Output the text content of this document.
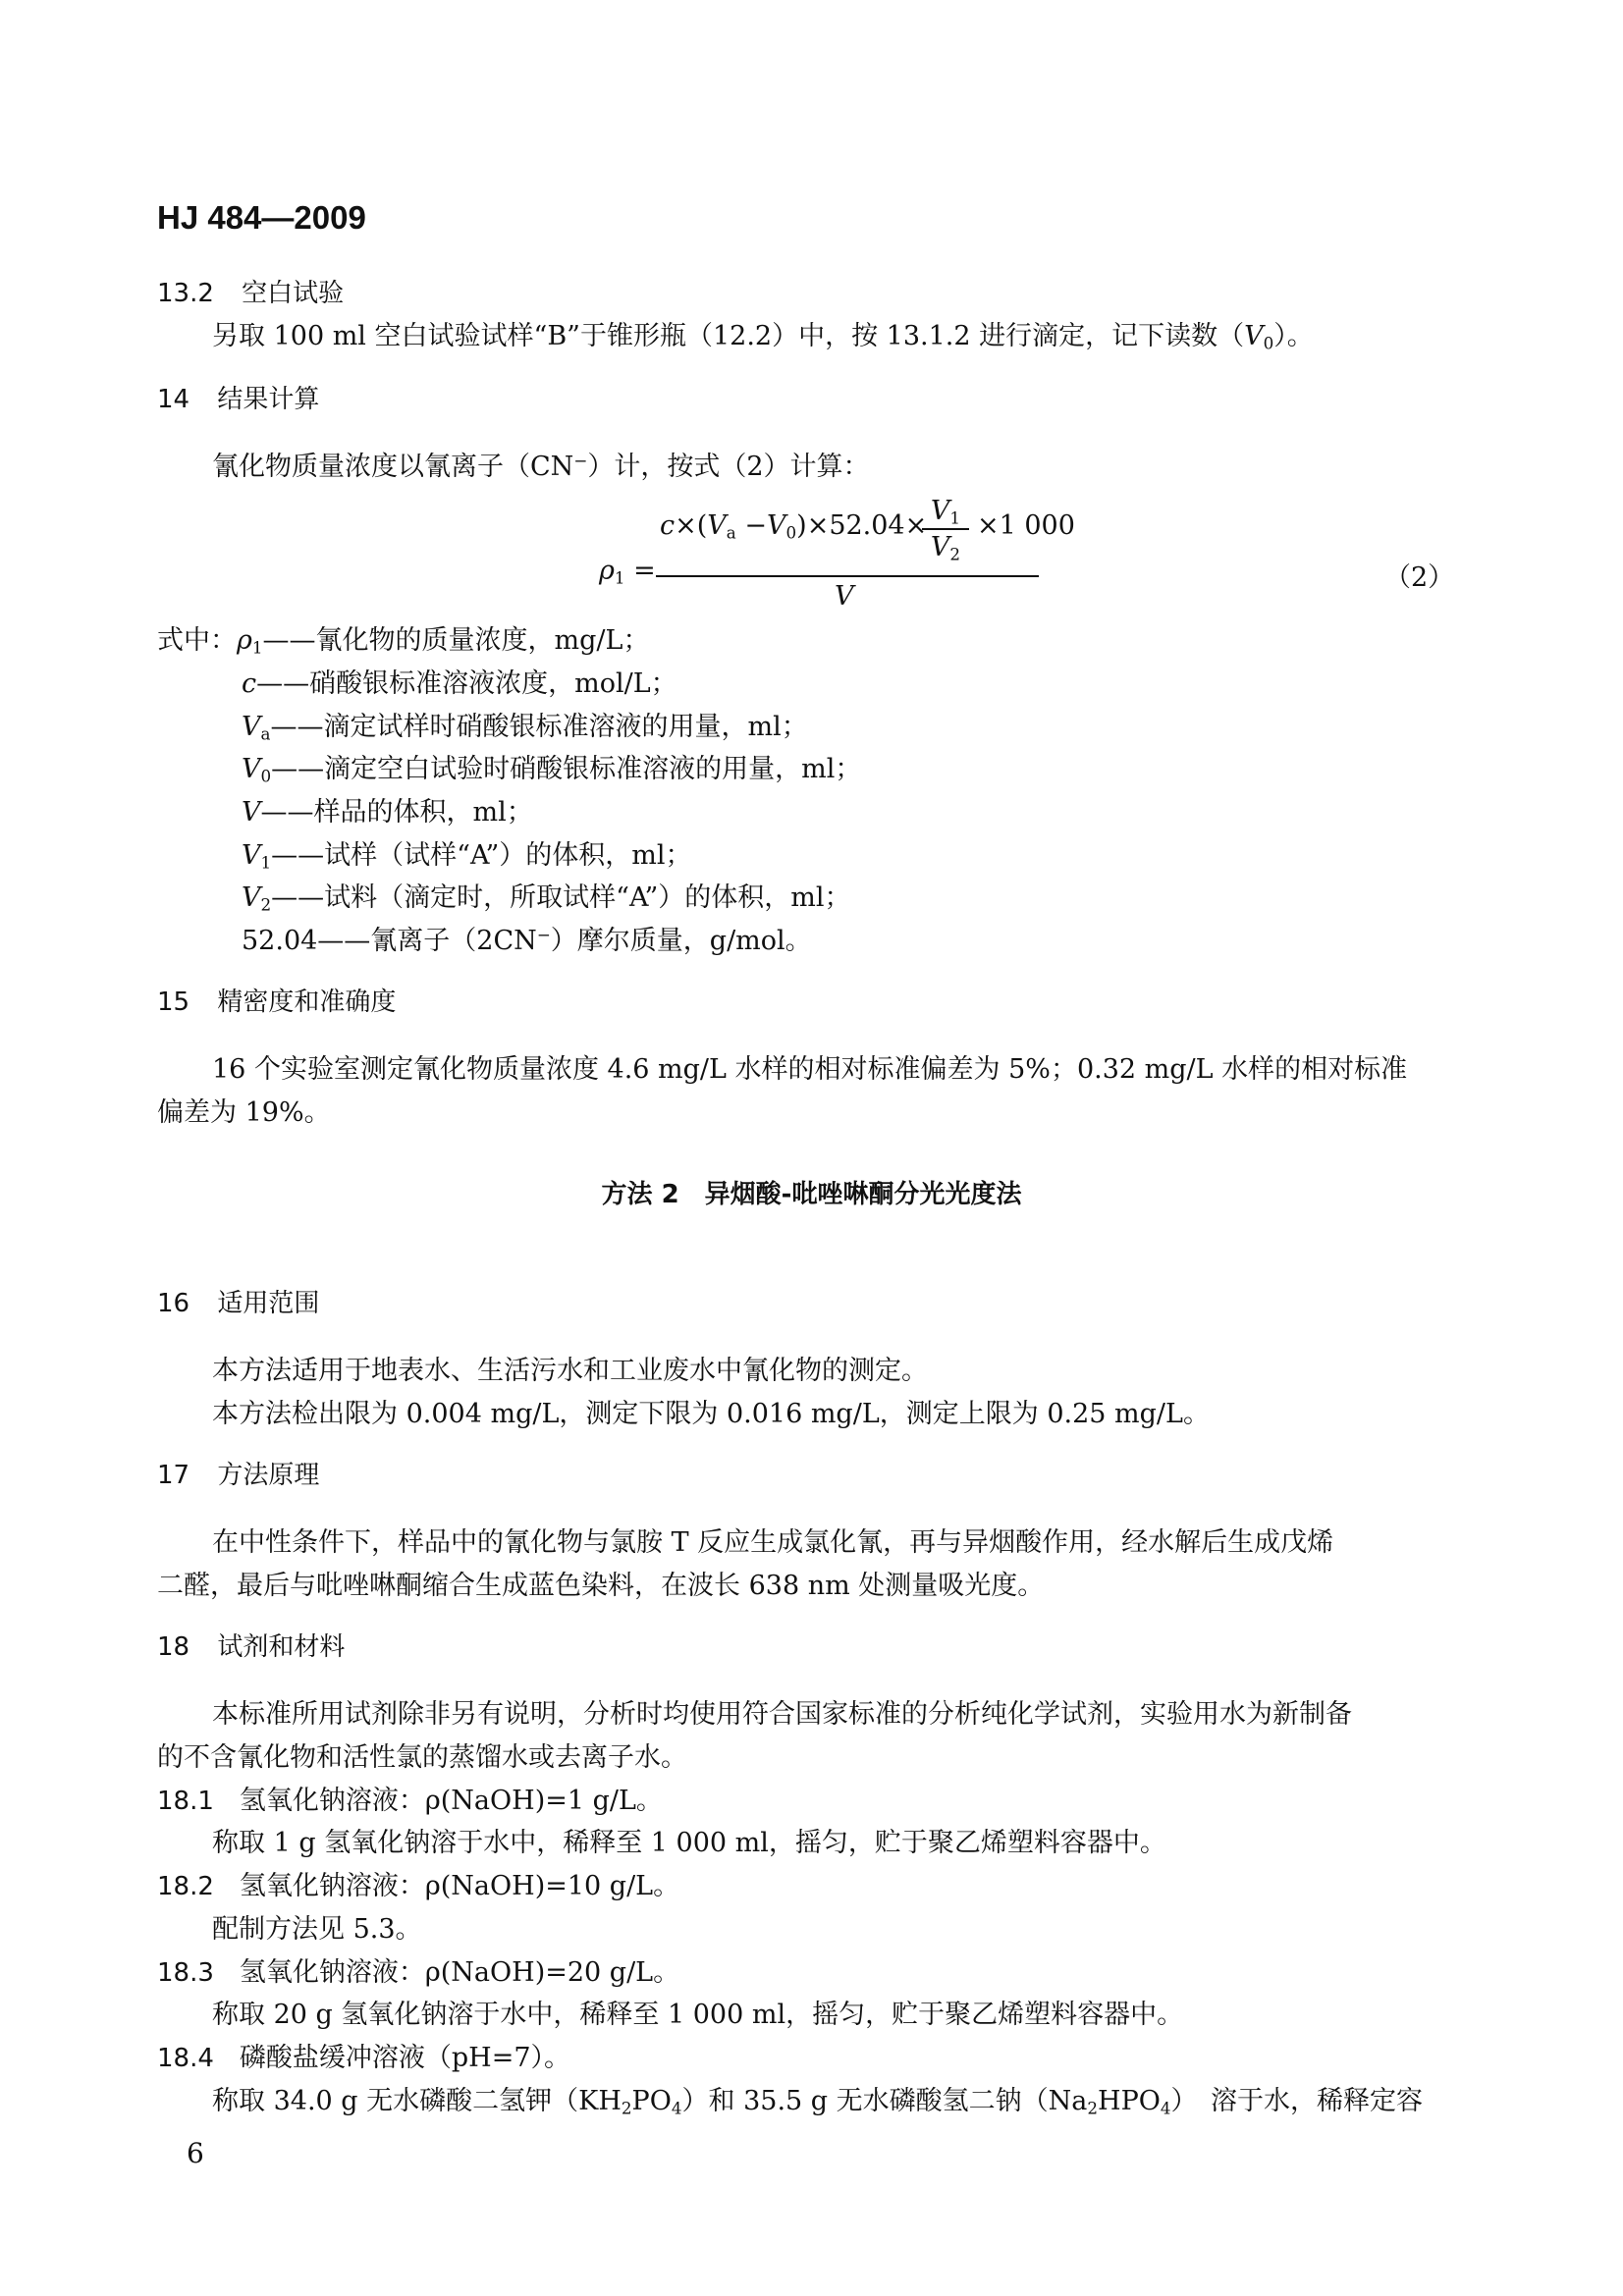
HJ 484—2009
13.2 空白试验
另取 100 ml 空白试验试样“B”于锥形瓶（12.2）中，按 13.1.2 进行滴定，记下读数$(V_0)$。
14 结果计算
氰化物质量浓度以氰离子（CN−）计，按式（2）计算：
$\rho_1$ =
$c\times(V_a -V_0)\times 52.04\times V_1$
$V_2$
×1 000
V
（2）
式中：$\rho_1——$氰化物的质量浓度，mg/L；
c——硝酸银标准溶液浓度，mol/L；
$V_a——$滴定试样时硝酸银标准溶液的用量，ml；
$V_0——$滴定空白试验时硝酸银标准溶液的用量，ml；
V——样品的体积，ml；
$V_1——$试样（试样“A”）的体积，ml；
$V_2——$试料（滴定时，所取试样“A”）的体积，ml；
52.04——氰离子（2CN−）摩尔质量，g/mol。
15 精密度和准确度
16 个实验室测定氰化物质量浓度 4.6 mg/L 水样的相对标准偏差为 5%；0.32 mg/L 水样的相对标准
偏差为 19%。
方法 2　异烟酸-吡唑啉酮分光光度法
16 适用范围
本方法适用于地表水、生活污水和工业废水中氰化物的测定。
本方法检出限为 0.004 mg/L，测定下限为 0.016 mg/L，测定上限为 0.25 mg/L。
17 方法原理
在中性条件下，样品中的氰化物与氯胺 T 反应生成氯化氰，再与异烟酸作用，经水解后生成戊烯
二醛，最后与吡唑啉酮缩合生成蓝色染料，在波长 638 nm 处测量吸光度。
18 试剂和材料
本标准所用试剂除非另有说明，分析时均使用符合国家标准的分析纯化学试剂，实验用水为新制备
的不含氰化物和活性氯的蒸馏水或去离子水。
18.1 氢氧化钠溶液：ρ(NaOH)=1 g/L。
称取 1 g 氢氧化钠溶于水中，稀释至 1 000 ml，摇匀，贮于聚乙烯塑料容器中。
18.2 氢氧化钠溶液：ρ(NaOH)=10 g/L。
配制方法见 5.3。
18.3 氢氧化钠溶液：ρ(NaOH)=20 g/L。
称取 20 g 氢氧化钠溶于水中，稀释至 1 000 ml，摇匀，贮于聚乙烯塑料容器中。
18.4 磷酸盐缓冲溶液（pH=7）。
称取 34.0 g 无水磷酸二氢钾$(KH_2PO_4)$和 35.5 g 无水磷酸氢二钠$(Na_2HPO_4)$　溶于水，稀释定容
6
